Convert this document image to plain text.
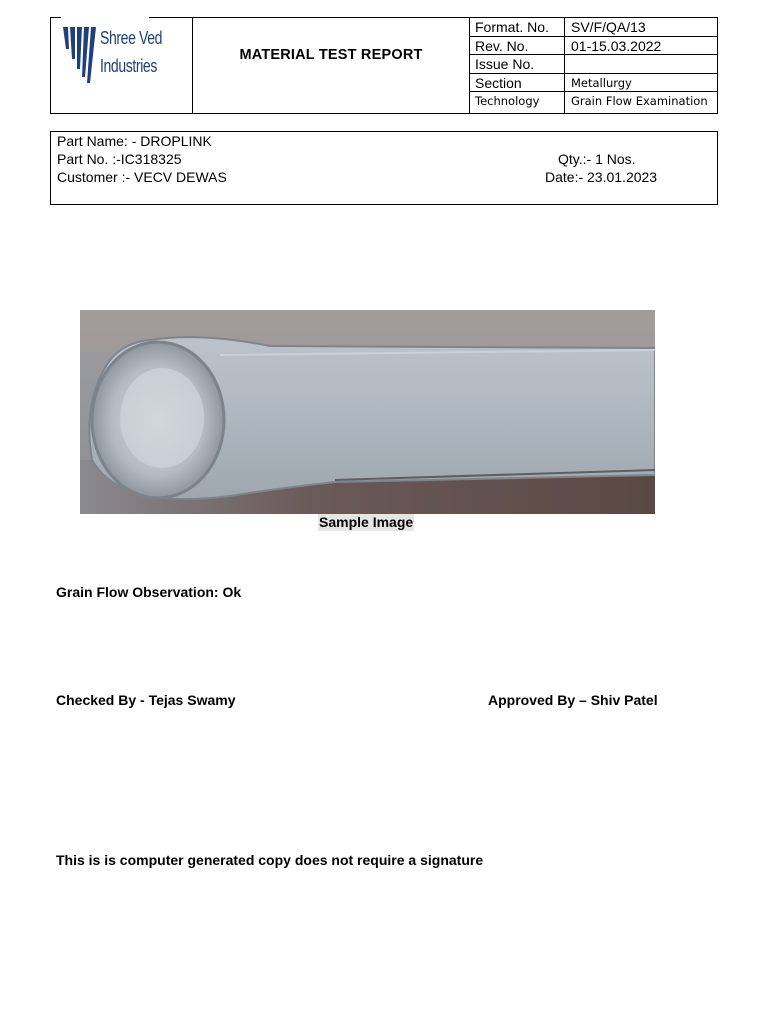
Shree Ved
Industries
MATERIAL TEST REPORT
Format. No.	SV/F/QA/13
Rev. No.	01-15.03.2022
Issue No.
Section	Metallurgy
Technology	Grain Flow Examination
Part Name: - DROPLINK
Part No. :-IC318325
Customer :- VECV DEWAS
Qty.:- 1 Nos.
Date:- 23.01.2023
Sample Image
Grain Flow Observation: Ok
Checked By - Tejas Swamy	Approved By – Shiv Patel
This is is computer generated copy does not require a signature
